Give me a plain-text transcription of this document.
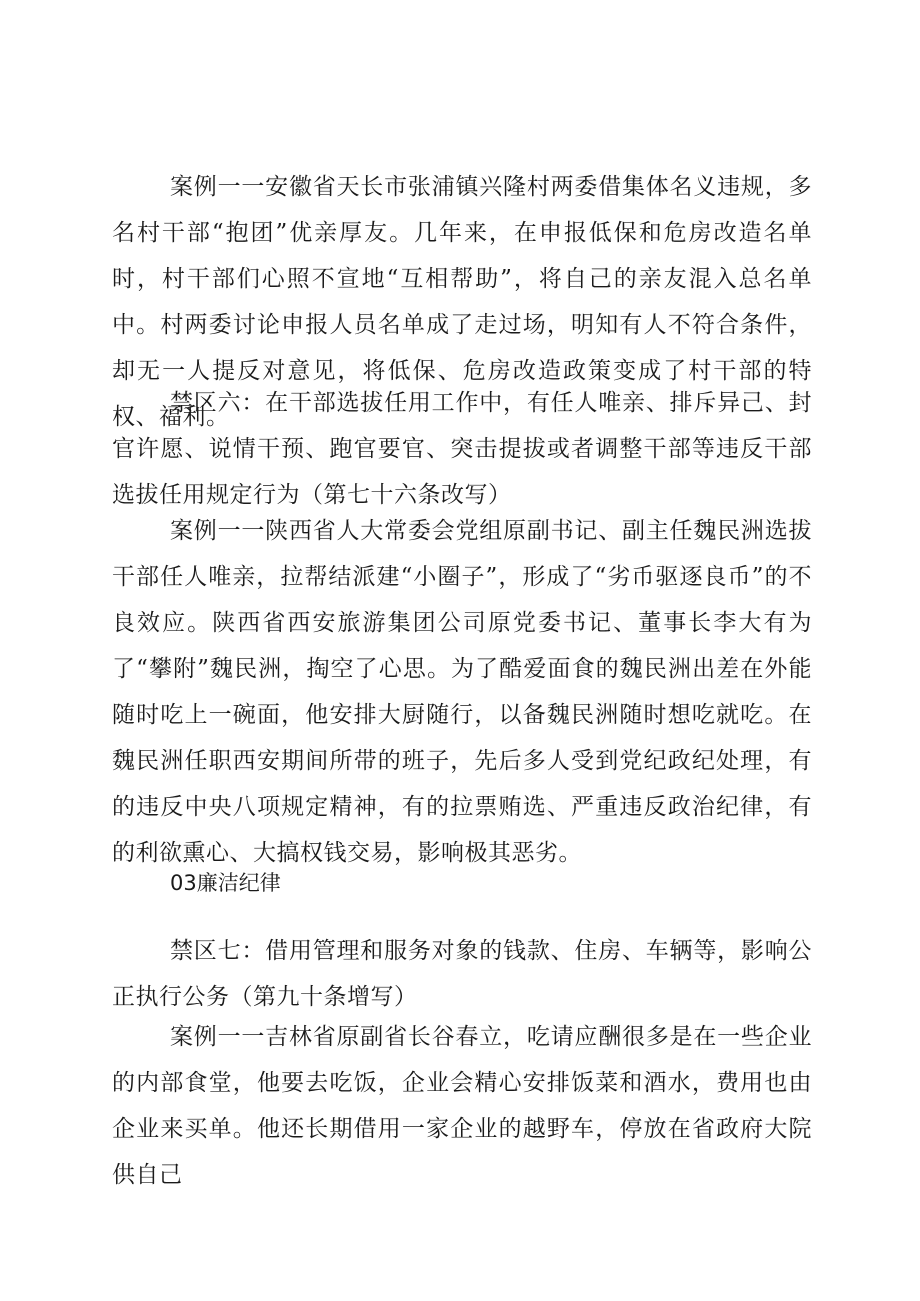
案例一一安徽省天长市张浦镇兴隆村两委借集体名义违规，多名村干部“抱团”优亲厚友。几年来，在申报低保和危房改造名单时，村干部们心照不宣地“互相帮助”，将自己的亲友混入总名单中。村两委讨论申报人员名单成了走过场，明知有人不符合条件，却无一人提反对意见，将低保、危房改造政策变成了村干部的特权、福利。

禁区六：在干部选拔任用工作中，有任人唯亲、排斥异己、封官许愿、说情干预、跑官要官、突击提拔或者调整干部等违反干部选拔任用规定行为（第七十六条改写）

案例一一陕西省人大常委会党组原副书记、副主任魏民洲选拔干部任人唯亲，拉帮结派建“小圈子”，形成了“劣币驱逐良币”的不良效应。陕西省西安旅游集团公司原党委书记、董事长李大有为了“攀附”魏民洲，掏空了心思。为了酷爱面食的魏民洲出差在外能随时吃上一碗面，他安排大厨随行，以备魏民洲随时想吃就吃。在魏民洲任职西安期间所带的班子，先后多人受到党纪政纪处理，有的违反中央八项规定精神，有的拉票贿选、严重违反政治纪律，有的利欲熏心、大搞权钱交易，影响极其恶劣。

03廉洁纪律

禁区七：借用管理和服务对象的钱款、住房、车辆等，影响公正执行公务（第九十条增写）

案例一一吉林省原副省长谷春立，吃请应酬很多是在一些企业的内部食堂，他要去吃饭，企业会精心安排饭菜和酒水，费用也由企业来买单。他还长期借用一家企业的越野车，停放在省政府大院供自己
